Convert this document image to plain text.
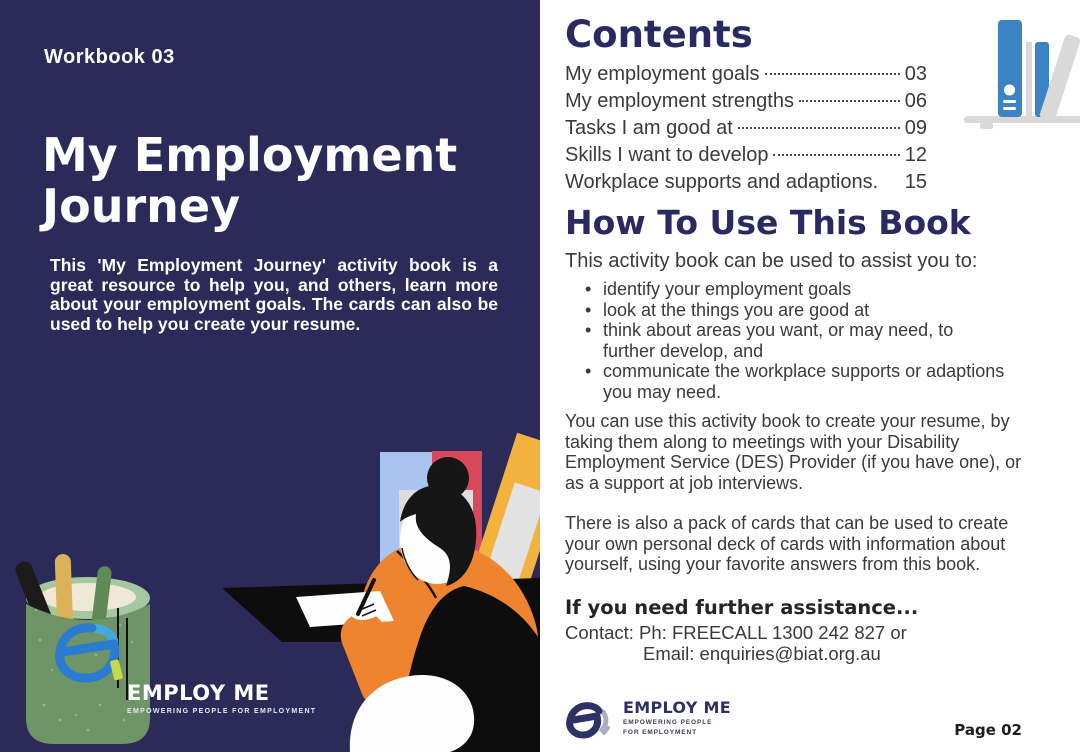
Workbook 03
My Employment Journey

This 'My Employment Journey' activity book is a great resource to help you, and others, learn more about your employment goals. The cards can also be used to help you create your resume.

EMPLOY ME
EMPOWERING PEOPLE FOR EMPLOYMENT
Contents
My employment goals	03
My employment strengths	06
Tasks I am good at	09
Skills I want to develop	12
Workplace supports and adaptions. 15
How To Use This Book

This activity book can be used to assist you to:

• identify your employment goals
• look at the things you are good at
• think about areas you want, or may need, to further develop, and
• communicate the workplace supports or adaptions you may need.

You can use this activity book to create your resume, by taking them along to meetings with your Disability Employment Service (DES) Provider (if you have one), or as a support at job interviews.

There is also a pack of cards that can be used to create your own personal deck of cards with information about yourself, using your favorite answers from this book.

If you need further assistance...
Contact: Ph: FREECALL 1300 242 827 or
Email: enquiries@biat.org.au
EMPLOY ME
EMPOWERING PEOPLE
FOR EMPLOYMENT	Page 02
